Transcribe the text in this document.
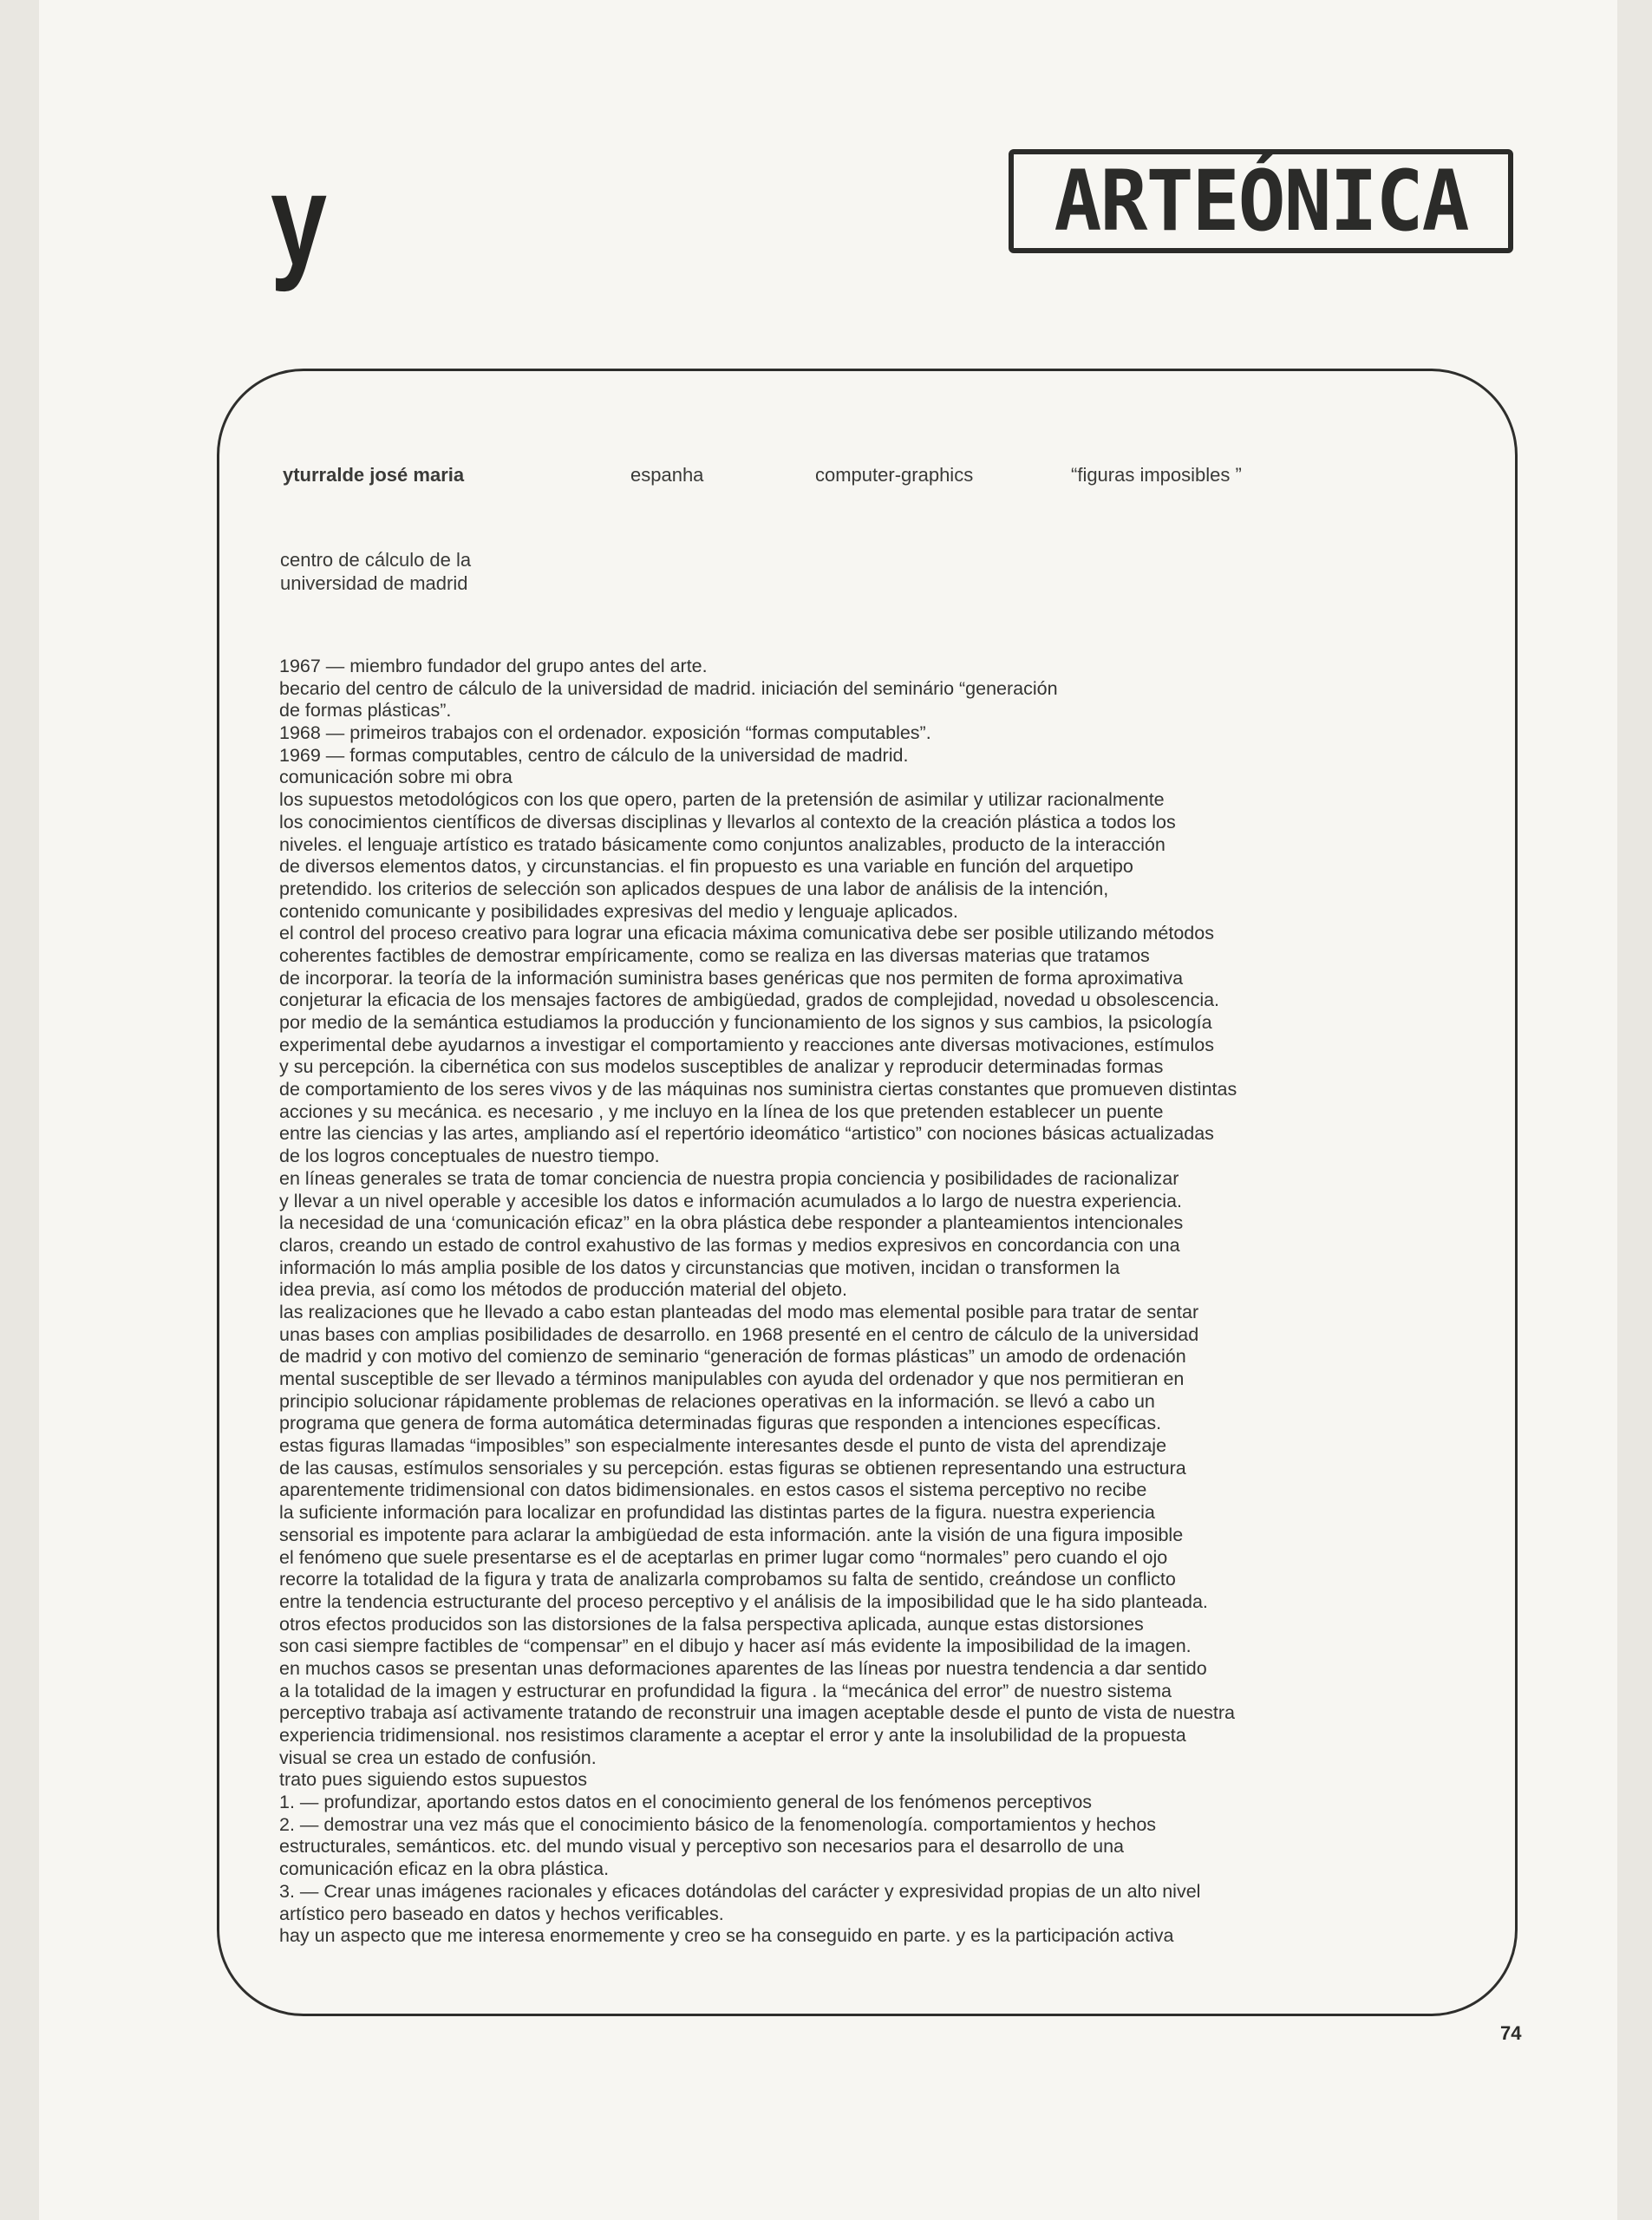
y	ARTEÓNICA
yturralde josé maria	espanha	computer-graphics	“figuras imposibles ”
centro de cálculo de la
universidad de madrid
1967 — miembro fundador del grupo antes del arte.
becario del centro de cálculo de la universidad de madrid. iniciación del seminário “generación
de formas plásticas”.
1968 — primeiros trabajos con el ordenador. exposición “formas computables”.
1969 — formas computables, centro de cálculo de la universidad de madrid.
comunicación sobre mi obra
los supuestos metodológicos con los que opero, parten de la pretensión de asimilar y utilizar racionalmente
los conocimientos científicos de diversas disciplinas y llevarlos al contexto de la creación plástica a todos los
niveles. el lenguaje artístico es tratado básicamente como conjuntos analizables, producto de la interacción
de diversos elementos datos, y circunstancias. el fin propuesto es una variable en función del arquetipo
pretendido. los criterios de selección son aplicados despues de una labor de análisis de la intención,
contenido comunicante y posibilidades expresivas del medio y lenguaje aplicados.
el control del proceso creativo para lograr una eficacia máxima comunicativa debe ser posible utilizando métodos
coherentes factibles de demostrar empíricamente, como se realiza en las diversas materias que tratamos
de incorporar. la teoría de la información suministra bases genéricas que nos permiten de forma aproximativa
conjeturar la eficacia de los mensajes factores de ambigüedad, grados de complejidad, novedad u obsolescencia.
por medio de la semántica estudiamos la producción y funcionamiento de los signos y sus cambios, la psicología
experimental debe ayudarnos a investigar el comportamiento y reacciones ante diversas motivaciones, estímulos
y su percepción. la cibernética con sus modelos susceptibles de analizar y reproducir determinadas formas
de comportamiento de los seres vivos y de las máquinas nos suministra ciertas constantes que promueven distintas
acciones y su mecánica. es necesario , y me incluyo en la línea de los que pretenden establecer un puente
entre las ciencias y las artes, ampliando así el repertório ideomático “artistico” con nociones básicas actualizadas
de los logros conceptuales de nuestro tiempo.
en líneas generales se trata de tomar conciencia de nuestra propia conciencia y posibilidades de racionalizar
y llevar a un nivel operable y accesible los datos e información acumulados a lo largo de nuestra experiencia.
la necesidad de una ‘comunicación eficaz” en la obra plástica debe responder a planteamientos intencionales
claros, creando un estado de control exahustivo de las formas y medios expresivos en concordancia con una
información lo más amplia posible de los datos y circunstancias que motiven, incidan o transformen la
idea previa, así como los métodos de producción material del objeto.
las realizaciones que he llevado a cabo estan planteadas del modo mas elemental posible para tratar de sentar
unas bases con amplias posibilidades de desarrollo. en 1968 presenté en el centro de cálculo de la universidad
de madrid y con motivo del comienzo de seminario “generación de formas plásticas” un amodo de ordenación
mental susceptible de ser llevado a términos manipulables con ayuda del ordenador y que nos permitieran en
principio solucionar rápidamente problemas de relaciones operativas en la información. se llevó a cabo un
programa que genera de forma automática determinadas figuras que responden a intenciones específicas.
estas figuras llamadas “imposibles” son especialmente interesantes desde el punto de vista del aprendizaje
de las causas, estímulos sensoriales y su percepción. estas figuras se obtienen representando una estructura
aparentemente tridimensional con datos bidimensionales. en estos casos el sistema perceptivo no recibe
la suficiente información para localizar en profundidad las distintas partes de la figura. nuestra experiencia
sensorial es impotente para aclarar la ambigüedad de esta información. ante la visión de una figura imposible
el fenómeno que suele presentarse es el de aceptarlas en primer lugar como “normales” pero cuando el ojo
recorre la totalidad de la figura y trata de analizarla comprobamos su falta de sentido, creándose un conflicto
entre la tendencia estructurante del proceso perceptivo y el análisis de la imposibilidad que le ha sido planteada.
otros efectos producidos son las distorsiones de la falsa perspectiva aplicada, aunque estas distorsiones
son casi siempre factibles de “compensar” en el dibujo y hacer así más evidente la imposibilidad de la imagen.
en muchos casos se presentan unas deformaciones aparentes de las líneas por nuestra tendencia a dar sentido
a la totalidad de la imagen y estructurar en profundidad la figura . la “mecánica del error” de nuestro sistema
perceptivo trabaja así activamente tratando de reconstruir una imagen aceptable desde el punto de vista de nuestra
experiencia tridimensional. nos resistimos claramente a aceptar el error y ante la insolubilidad de la propuesta
visual se crea un estado de confusión.
trato pues siguiendo estos supuestos
1. — profundizar, aportando estos datos en el conocimiento general de los fenómenos perceptivos
2. — demostrar una vez más que el conocimiento básico de la fenomenología. comportamientos y hechos
estructurales, semánticos. etc. del mundo visual y perceptivo son necesarios para el desarrollo de una
comunicación eficaz en la obra plástica.
3. — Crear unas imágenes racionales y eficaces dotándolas del carácter y expresividad propias de un alto nivel
artístico pero baseado en datos y hechos verificables.
hay un aspecto que me interesa enormemente y creo se ha conseguido en parte. y es la participación activa
74
